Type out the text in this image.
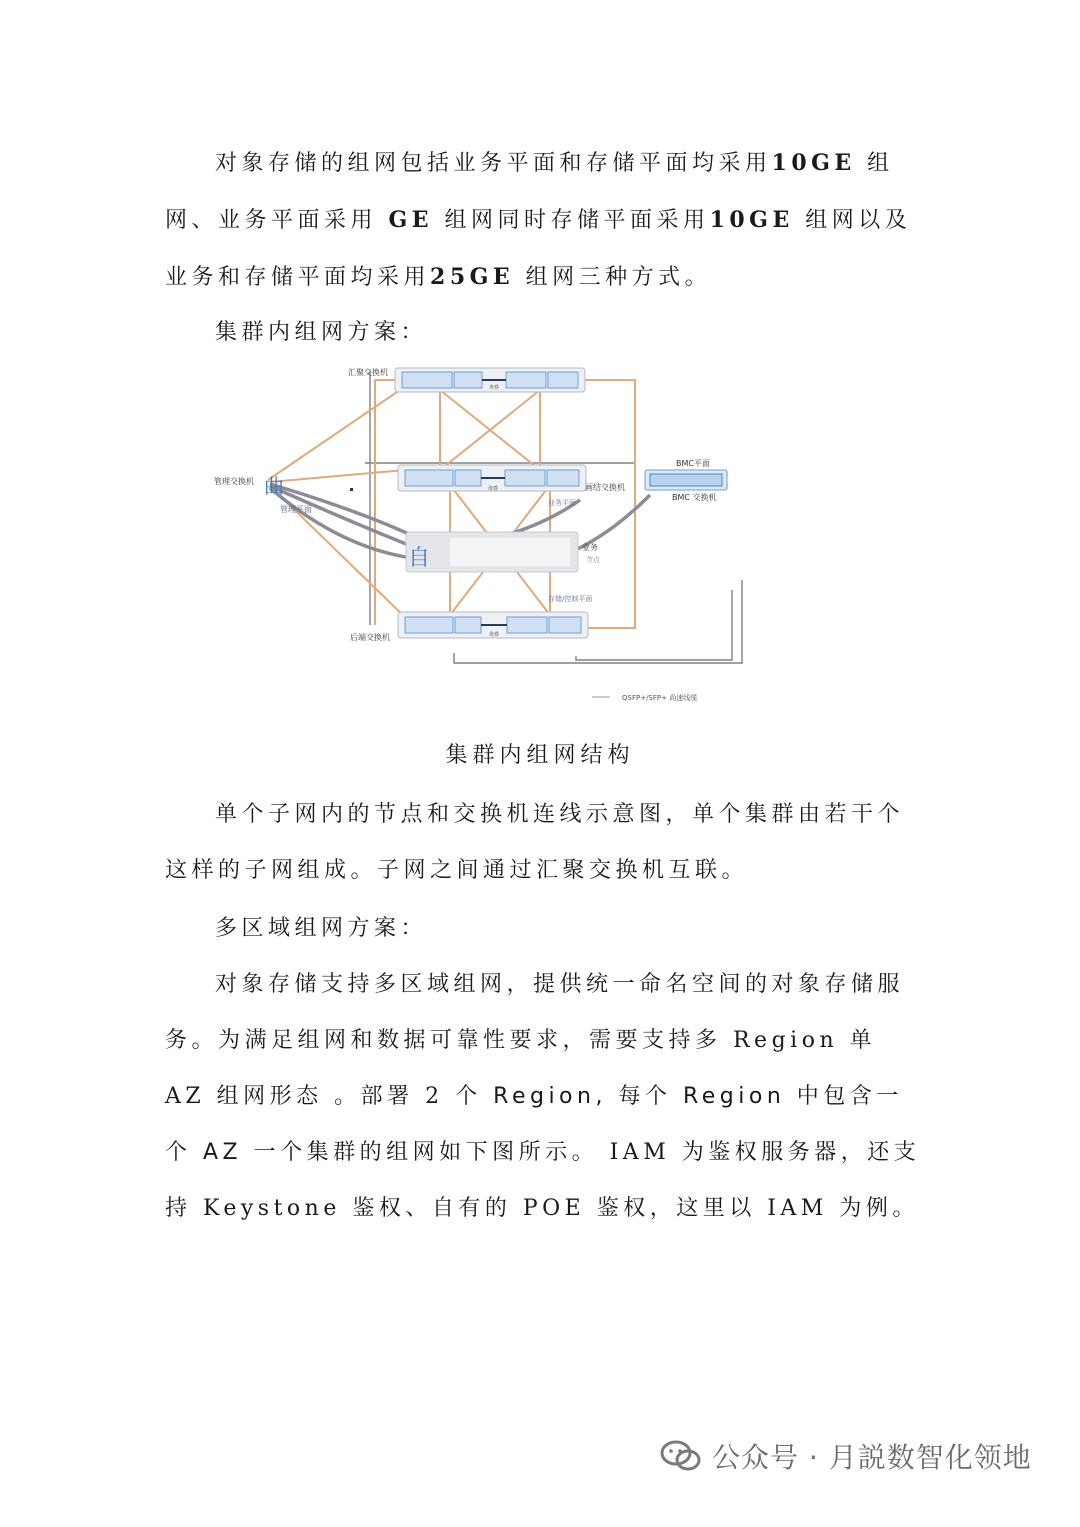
对象存储的组网包括业务平面和存储平面均采用10GE 组网、业务平面采用 GE 组网同时存储平面采用10GE 组网以及业务和存储平面均采用25GE 组网三种方式。

集群内组网方案：

堆叠
汇聚交换机
堆叠	画结交换机
业务平面
BMC平面
BMC 交换机
管理交换机 曲
管理平面
自	业务
节点
存储/控制平面
堆叠
后端交换机
QSFP+/SFP+ 尚速线缆
集群内组网结构

单个子网内的节点和交换机连线示意图，单个集群由若干个这样的子网组成。子网之间通过汇聚交换机互联。

多区域组网方案：

对象存储支持多区域组网，提供统一命名空间的对象存储服务。为满足组网和数据可靠性要求，需要支持多 Region 单 AZ 组网形态 。部署 2 个 Region, 每个 Region 中包含一个 AZ 一个集群的组网如下图所示。 IAM 为鉴权服务器，还支持 Keystone 鉴权、自有的 POE 鉴权，这里以 IAM 为例。

公众号 · 月説数智化领地
